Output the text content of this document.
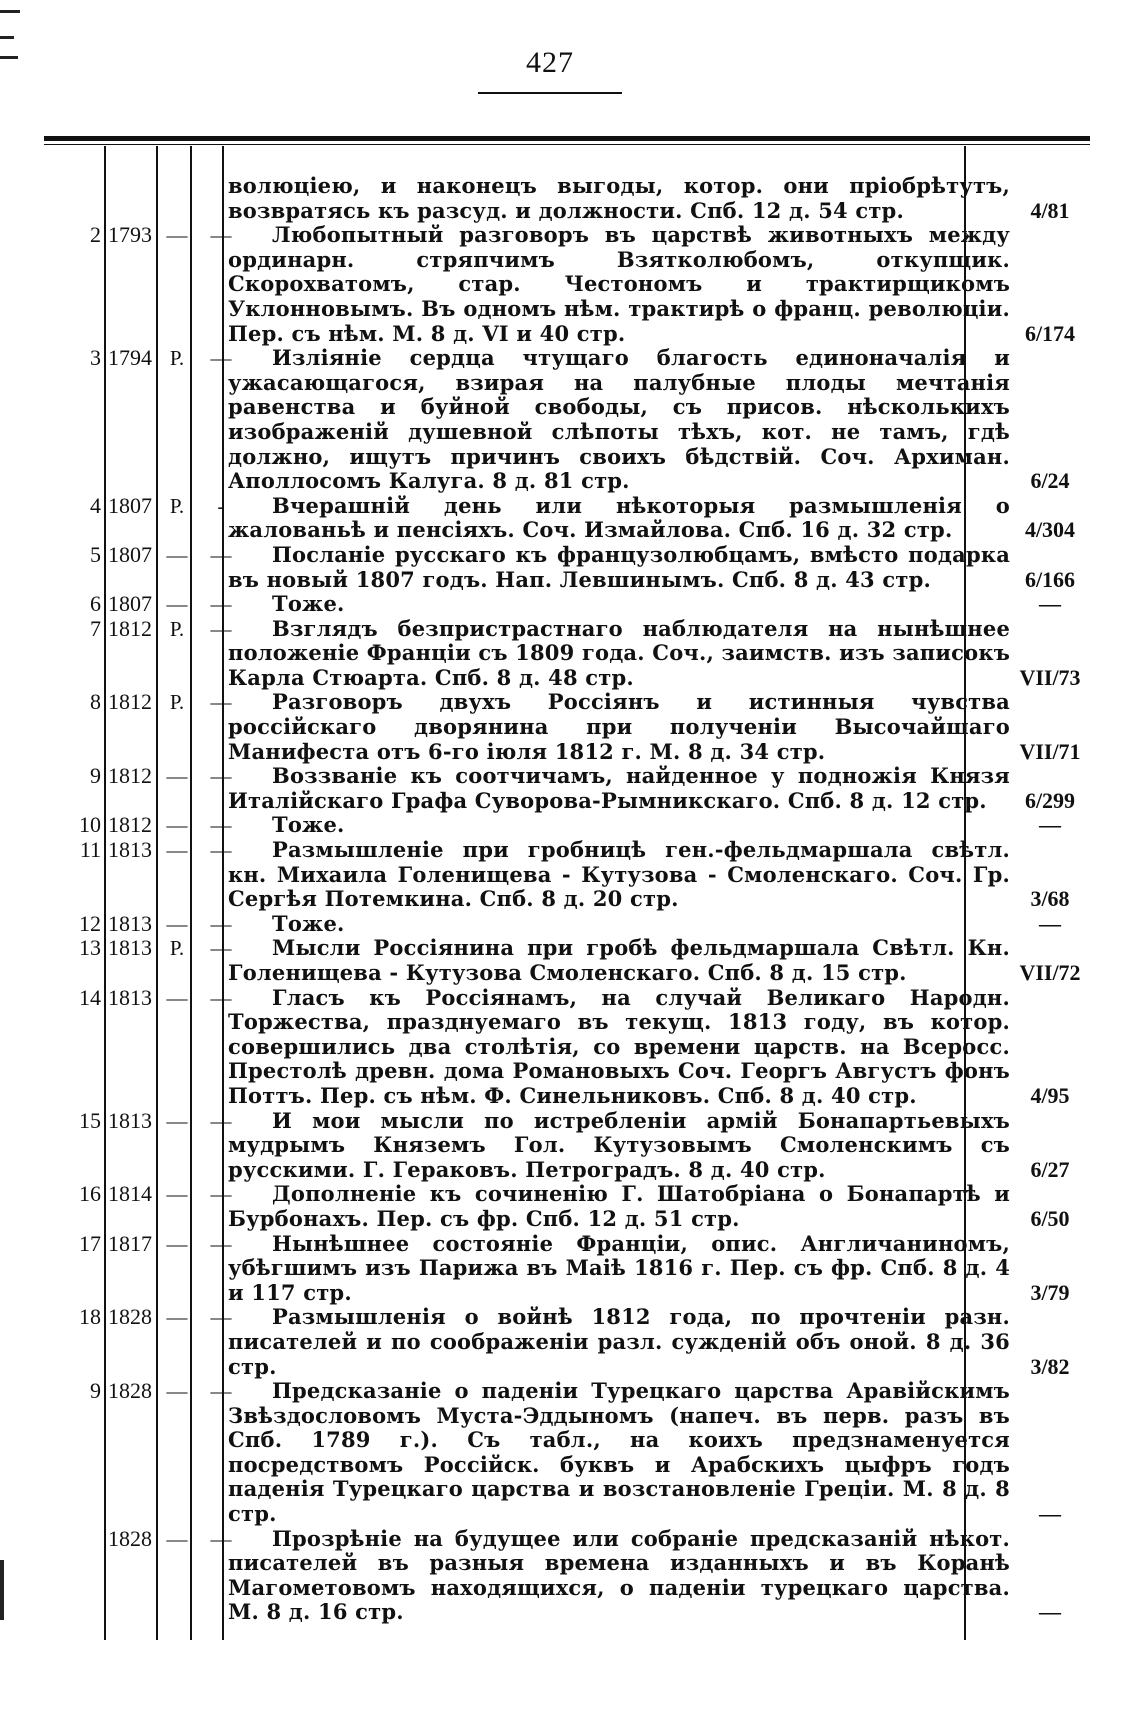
427
волюціею, и наконецъ выгоды, котор. они пріобрѣтутъ, возвратясь къ разсуд. и должности. Спб. 12 д. 54 стр.	4/81
2 1793 —	—	Любопытный разговоръ въ царствѣ животныхъ между ординарн. стряпчимъ Взятколюбомъ, откупщик. Скорохватомъ, стар. Честономъ и трактирщикомъ Уклонновымъ. Въ одномъ нѣм. трактирѣ о франц. революціи. Пер. съ нѣм. М. 8 д. VI и 40 стр.	6/174
3 1794 Р.	—	Изліяніе сердца чтущаго благость единоначалія и ужасающагося, взирая на палубные плоды мечтанія равенства и буйной свободы, съ присов. нѣсколькихъ изображеній душевной слѣпоты тѣхъ, кот. не тамъ, гдѣ должно, ищутъ причинъ своихъ бѣдствій. Соч. Архиман. Аполлосомъ Калуга. 8 д. 81 стр.	6/24
4 1807 Р.	-	Вчерашній день или нѣкоторыя размышленія о жалованьѣ и пенсіяхъ. Соч. Измайлова. Спб. 16 д. 32 стр.	4/304
5 1807 —	—	Посланіе русскаго къ французолюбцамъ, вмѣсто подарка въ новый 1807 годъ. Нап. Левшинымъ. Спб. 8 д. 43 стр.	6/166
6 1807 —	—	Тоже.	—
7 1812 Р.	—	Взглядъ безпристрастнаго наблюдателя на нынѣшнее положеніе Франціи съ 1809 года. Соч., заимств. изъ записокъ Карла Стюарта. Спб. 8 д. 48 стр.	VII/73
8 1812 Р.	—	Разговоръ двухъ Россіянъ и истинныя чувства россійскаго дворянина при полученіи Высочайшаго Манифеста отъ 6-го іюля 1812 г. М. 8 д. 34 стр.	VII/71
9 1812 —	—	Воззваніе къ соотчичамъ, найденное у подножія Князя Италійскаго Графа Суворова-Рымникскаго. Спб. 8 д. 12 стр.	6/299
10 1812 —	—	Тоже.	—
11 1813 —	—	Размышленіе при гробницѣ ген.-фельдмаршала свѣтл. кн. Михаила Голенищева - Кутузова - Смоленскаго. Соч. Гр. Сергѣя Потемкина. Спб. 8 д. 20 стр.	3/68
12 1813 —	—	Тоже.	—
13 1813 Р.	—	Мысли Россіянина при гробѣ фельдмаршала Свѣтл. Кн. Голенищева - Кутузова Смоленскаго. Спб. 8 д. 15 стр.	VII/72
14 1813 —	—	Гласъ къ Россіянамъ, на случай Великаго Народн. Торжества, празднуемаго въ текущ. 1813 году, въ котор. совершились два столѣтія, со времени царств. на Всеросс. Престолѣ древн. дома Романовыхъ Соч. Георгъ Августъ фонъ Поттъ. Пер. съ нѣм. Ф. Синельниковъ. Спб. 8 д. 40 стр.	4/95
15 1813 —	—	И мои мысли по истребленіи армій Бонапартьевыхъ мудрымъ Княземъ Гол. Кутузовымъ Смоленскимъ съ русскими. Г. Гераковъ. Петроградъ. 8 д. 40 стр.	6/27
16 1814 —	—	Дополненіе къ сочиненію Г. Шатобріана о Бонапартѣ и Бурбонахъ. Пер. съ фр. Спб. 12 д. 51 стр.	6/50
17 1817 —	—	Нынѣшнее состояніе Франціи, опис. Англичаниномъ, убѣгшимъ изъ Парижа въ Маіѣ 1816 г. Пер. съ фр. Спб. 8 д. 4 и 117 стр.	3/79
18 1828 —	—	Размышленія о войнѣ 1812 года, по прочтеніи разн. писателей и по соображеніи разл. сужденій объ оной. 8 д. 36 стр.	3/82
9 1828 —	—	Предсказаніе о паденіи Турецкаго царства Аравійскимъ Звѣздословомъ Муста-Эддыномъ (напеч. въ перв. разъ въ Спб. 1789 г.). Съ табл., на коихъ предзнаменуется посредствомъ Россійск. буквъ и Арабскихъ цыфръ годъ паденія Турецкаго царства и возстановленіе Греціи. М. 8 д. 8 стр.	—
1828 —	—	Прозрѣніе на будущее или собраніе предсказаній нѣкот. писателей въ разныя времена изданныхъ и въ Коранѣ Магометовомъ находящихся, о паденіи турецкаго царства. М. 8 д. 16 стр.	—
